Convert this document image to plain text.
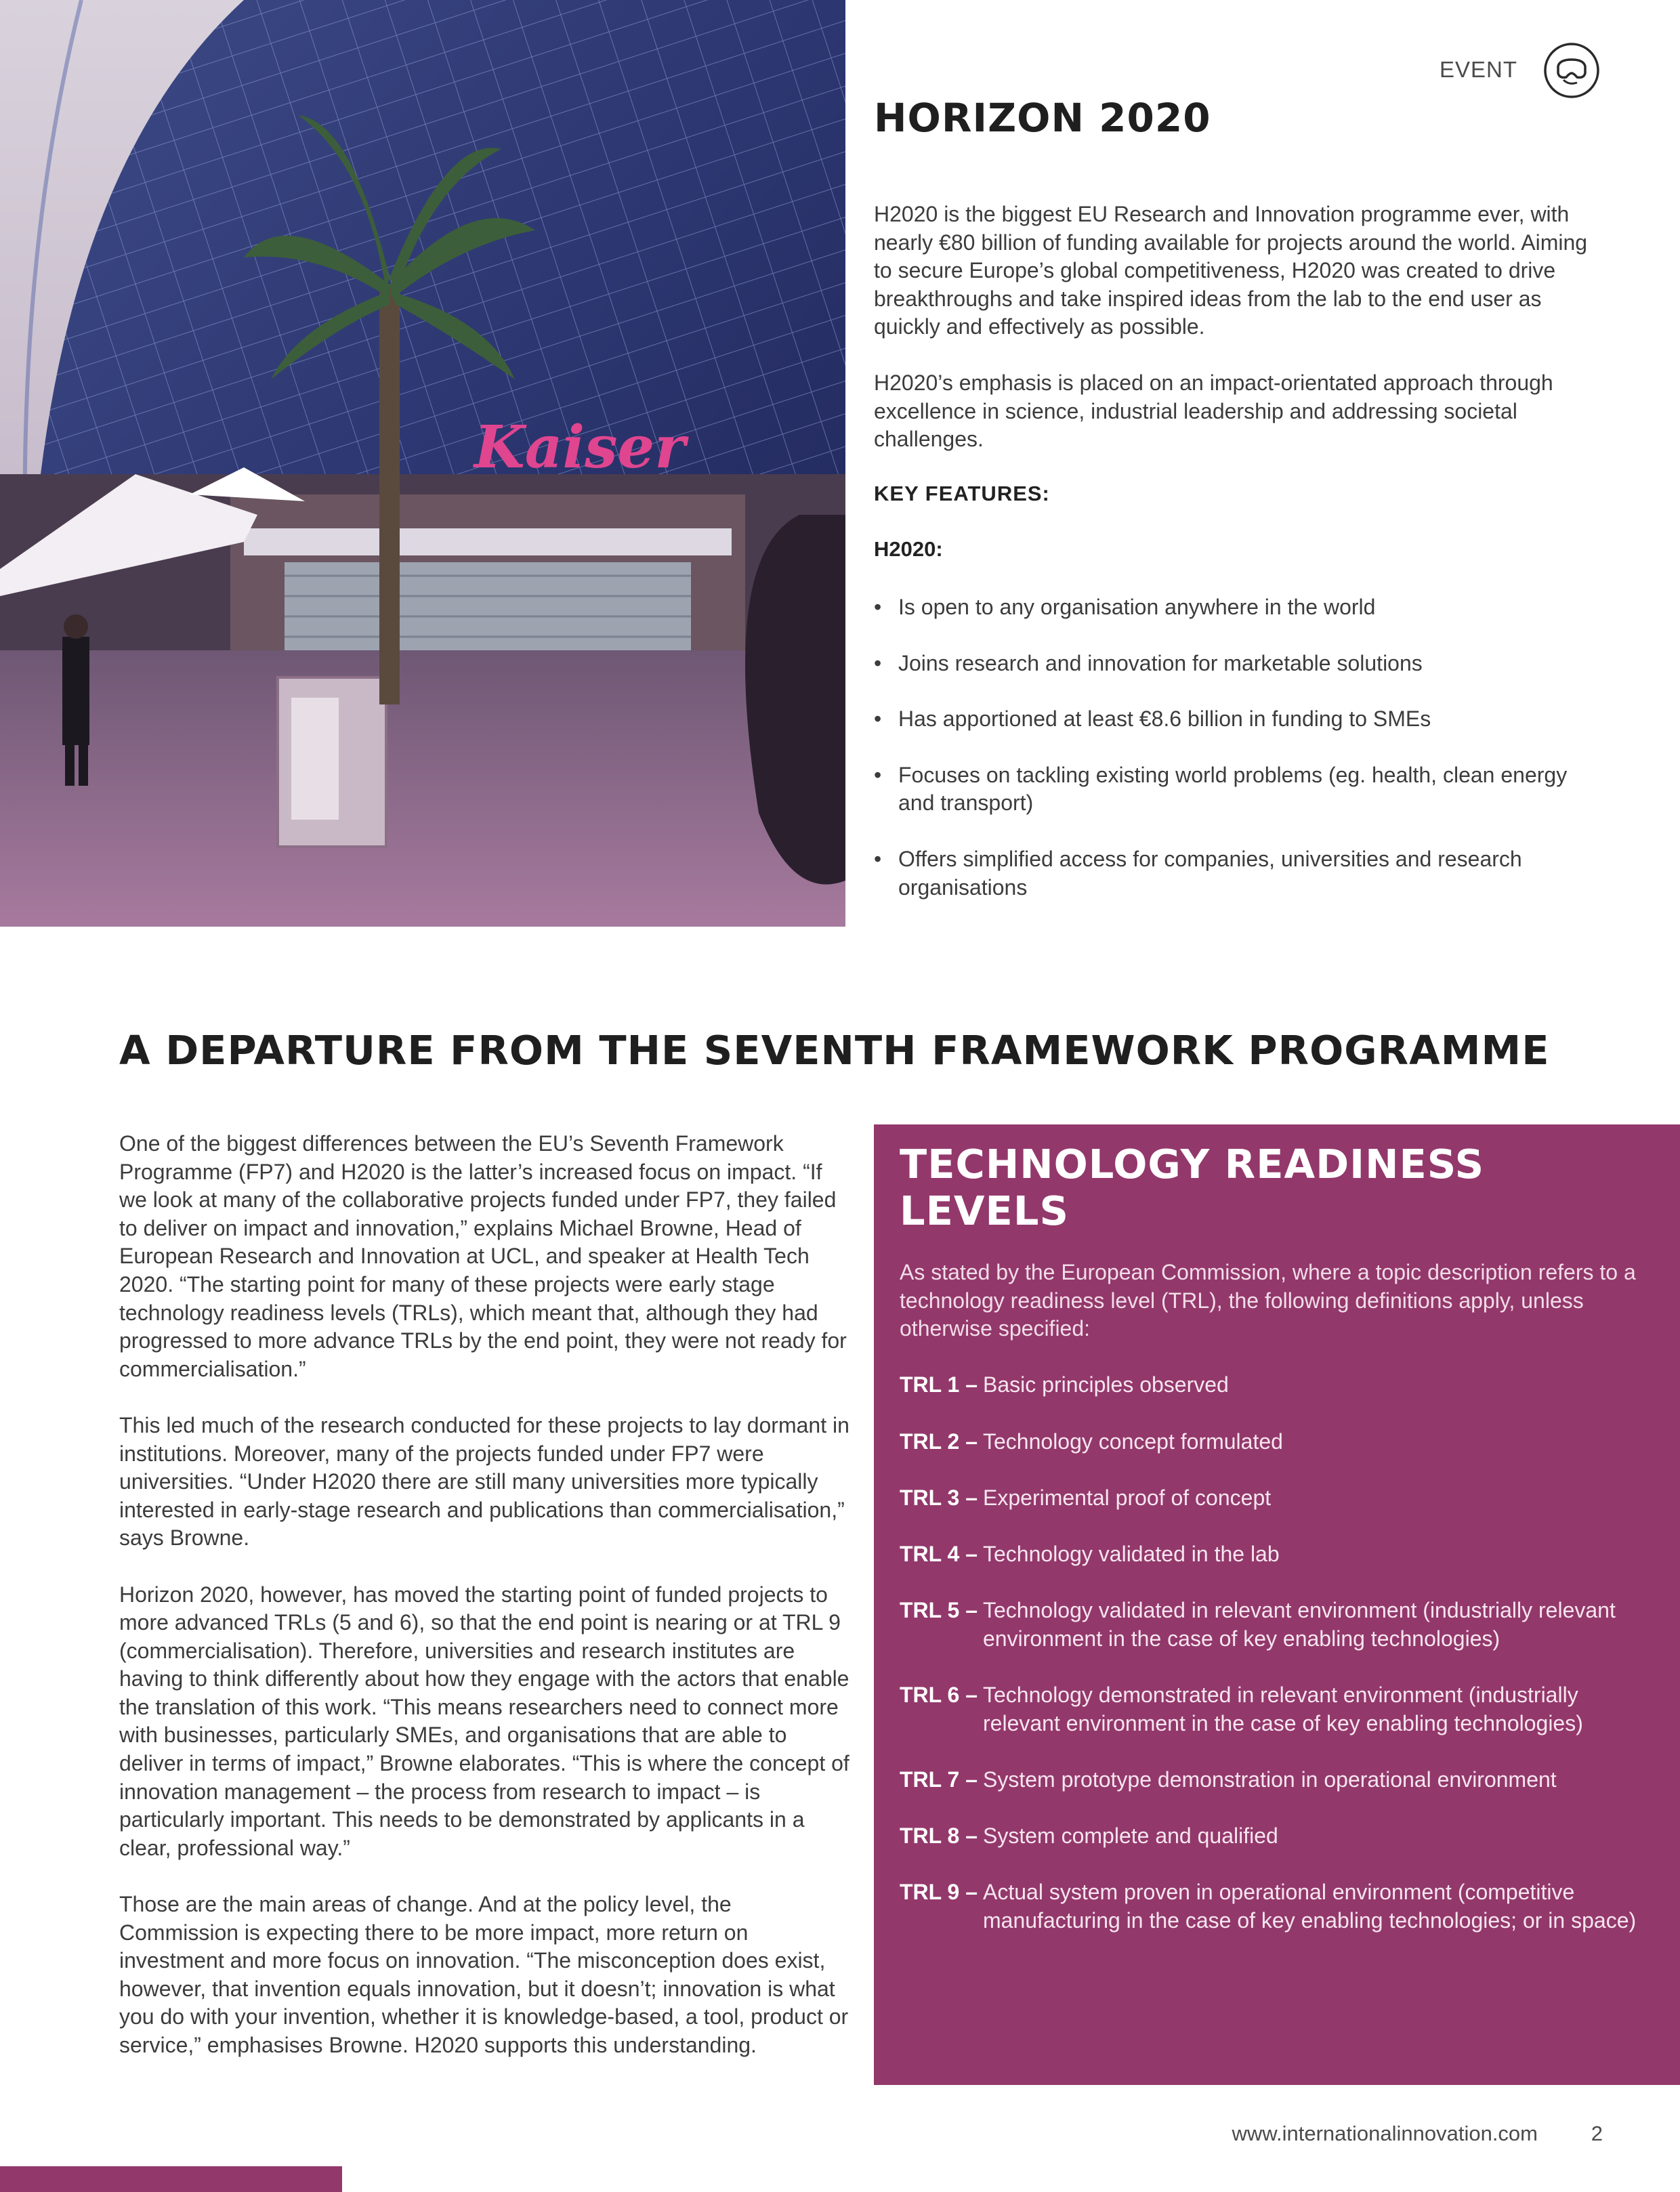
Kaiser
EVENT
HORIZON 2020
H2020 is the biggest EU Research and Innovation programme ever, with nearly €80 billion of funding available for projects around the world. Aiming to secure Europe’s global competitiveness, H2020 was created to drive breakthroughs and take inspired ideas from the lab to the end user as quickly and effectively as possible.
H2020’s emphasis is placed on an impact-orientated approach through excellence in science, industrial leadership and addressing societal challenges.
KEY FEATURES:
H2020:
• Is open to any organisation anywhere in the world
• Joins research and innovation for marketable solutions
• Has apportioned at least €8.6 billion in funding to SMEs
• Focuses on tackling existing world problems (eg. health, clean energy and transport)
• Offers simplified access for companies, universities and research organisations
A DEPARTURE FROM THE SEVENTH FRAMEWORK PROGRAMME

One of the biggest differences between the EU’s Seventh Framework Programme (FP7) and H2020 is the latter’s increased focus on impact. “If we look at many of the collaborative projects funded under FP7, they failed to deliver on impact and innovation,” explains Michael Browne, Head of European Research and Innovation at UCL, and speaker at Health Tech 2020. “The starting point for many of these projects were early stage technology readiness levels (TRLs), which meant that, although they had progressed to more advance TRLs by the end point, they were not ready for commercialisation.”

This led much of the research conducted for these projects to lay dormant in institutions. Moreover, many of the projects funded under FP7 were universities. “Under H2020 there are still many universities more typically interested in early-stage research and publications than commercialisation,” says Browne.

Horizon 2020, however, has moved the starting point of funded projects to more advanced TRLs (5 and 6), so that the end point is nearing or at TRL 9 (commercialisation). Therefore, universities and research institutes are having to think differently about how they engage with the actors that enable the translation of this work. “This means researchers need to connect more with businesses, particularly SMEs, and organisations that are able to deliver in terms of impact,” Browne elaborates. “This is where the concept of innovation management – the process from research to impact – is particularly important. This needs to be demonstrated by applicants in a clear, professional way.”

Those are the main areas of change. And at the policy level, the Commission is expecting there to be more impact, more return on investment and more focus on innovation. “The misconception does exist, however, that invention equals innovation, but it doesn’t; innovation is what you do with your invention, whether it is knowledge-based, a tool, product or service,” emphasises Browne. H2020 supports this understanding.

TECHNOLOGY READINESS LEVELS
As stated by the European Commission, where a topic description refers to a technology readiness level (TRL), the following definitions apply, unless otherwise specified:
TRL 1 – Basic principles observed
TRL 2 – Technology concept formulated
TRL 3 – Experimental proof of concept
TRL 4 – Technology validated in the lab
TRL 5 – Technology validated in relevant environment (industrially relevant environment in the case of key enabling technologies)
TRL 6 – Technology demonstrated in relevant environment (industrially relevant environment in the case of key enabling technologies)
TRL 7 – System prototype demonstration in operational environment
TRL 8 – System complete and qualified
TRL 9 – Actual system proven in operational environment (competitive manufacturing in the case of key enabling technologies; or in space)
www.internationalinnovation.com	2
